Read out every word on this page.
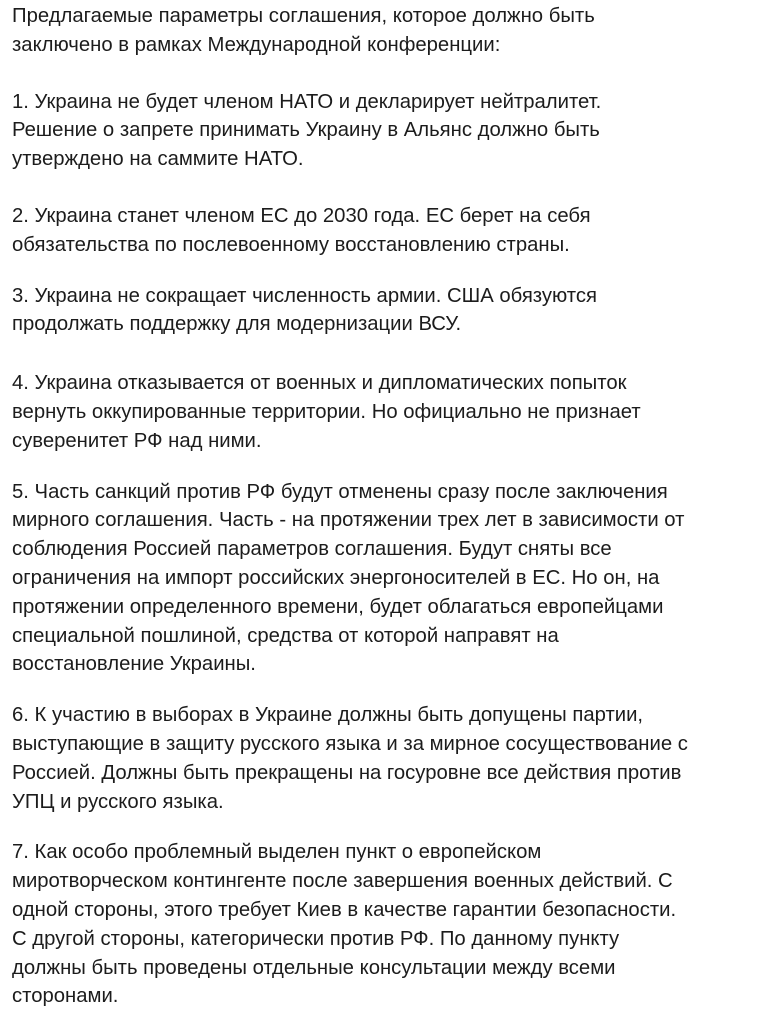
Предлагаемые параметры соглашения, которое должно быть
заключено в рамках Международной конференции:

1. Украина не будет членом НАТО и декларирует нейтралитет.
Решение о запрете принимать Украину в Альянс должно быть
утверждено на саммите НАТО.

2. Украина станет членом ЕС до 2030 года. ЕС берет на себя
обязательства по послевоенному восстановлению страны.

3. Украина не сокращает численность армии. США обязуются
продолжать поддержку для модернизации ВСУ.

4. Украина отказывается от военных и дипломатических попыток
вернуть оккупированные территории. Но официально не признает
суверенитет РФ над ними.

5. Часть санкций против РФ будут отменены сразу после заключения
мирного соглашения. Часть - на протяжении трех лет в зависимости от
соблюдения Россией параметров соглашения. Будут сняты все
ограничения на импорт российских энергоносителей в ЕС. Но он, на
протяжении определенного времени, будет облагаться европейцами
специальной пошлиной, средства от которой направят на
восстановление Украины.

6. К участию в выборах в Украине должны быть допущены партии,
выступающие в защиту русского языка и за мирное сосуществование с
Россией. Должны быть прекращены на госуровне все действия против
УПЦ и русского языка.

7. Как особо проблемный выделен пункт о европейском
миротворческом контингенте после завершения военных действий. С
одной стороны, этого требует Киев в качестве гарантии безопасности.
С другой стороны, категорически против РФ. По данному пункту
должны быть проведены отдельные консультации между всеми
сторонами.
